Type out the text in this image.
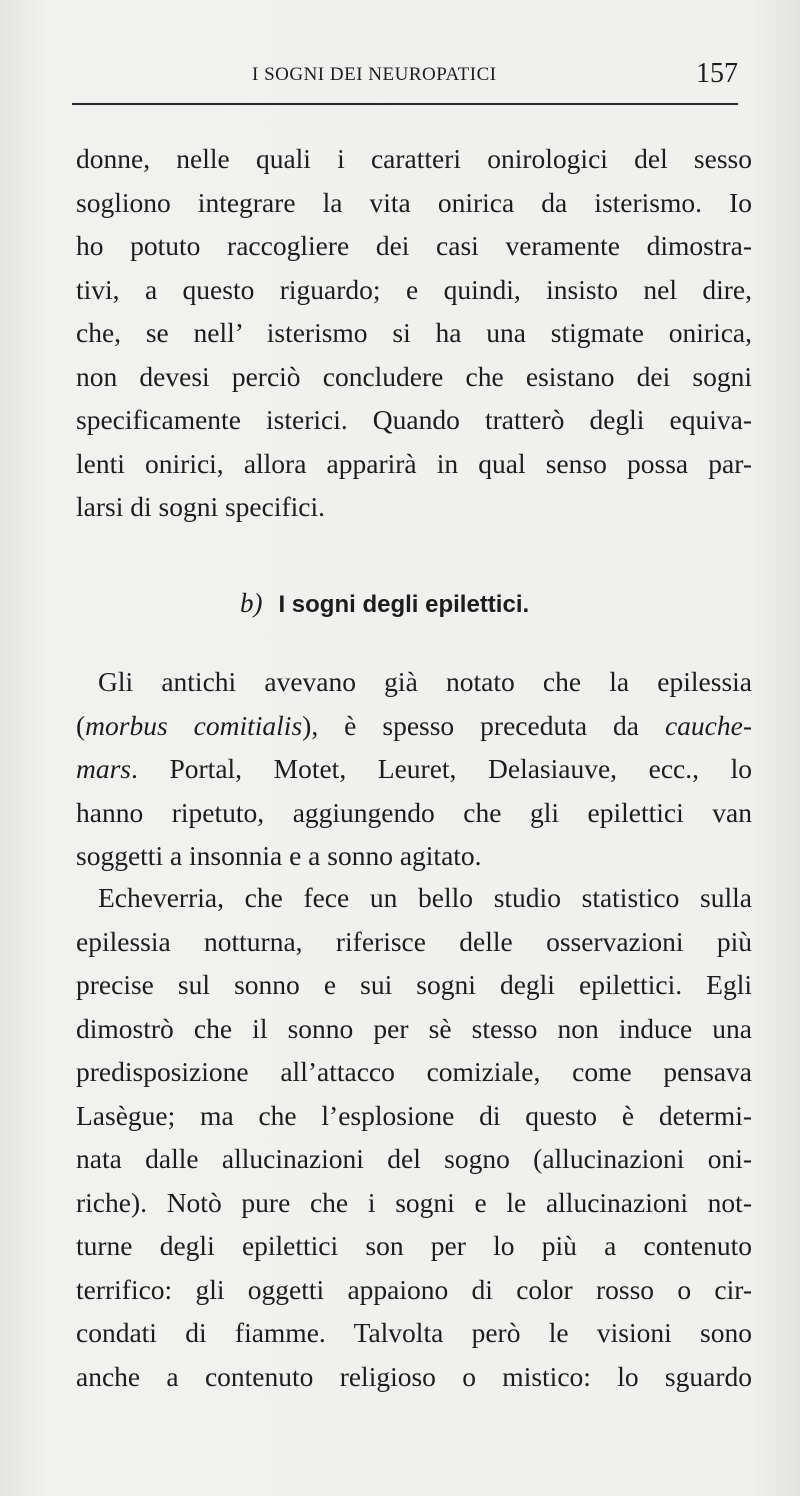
I SOGNI DEI NEUROPATICI	157
donne, nelle quali i caratteri onirologici del sesso
sogliono integrare la vita onirica da isterismo. Io
ho potuto raccogliere dei casi veramente dimostra-
tivi, a questo riguardo; e quindi, insisto nel dire,
che, se nell’ isterismo si ha una stigmate onirica,
non devesi perciò concludere che esistano dei sogni
specificamente isterici. Quando tratterò degli equiva-
lenti onirici, allora apparirà in qual senso possa par-
larsi di sogni specifici.
b) I sogni degli epilettici.
Gli antichi avevano già notato che la epilessia
(morbus comitialis), è spesso preceduta da cauche-
mars. Portal, Motet, Leuret, Delasiauve, ecc., lo
hanno ripetuto, aggiungendo che gli epilettici van
soggetti a insonnia e a sonno agitato.
Echeverria, che fece un bello studio statistico sulla
epilessia notturna, riferisce delle osservazioni più
precise sul sonno e sui sogni degli epilettici. Egli
dimostrò che il sonno per sè stesso non induce una
predisposizione all’attacco comiziale, come pensava
Lasègue; ma che l’esplosione di questo è determi-
nata dalle allucinazioni del sogno (allucinazioni oni-
riche). Notò pure che i sogni e le allucinazioni not-
turne degli epilettici son per lo più a contenuto
terrifico: gli oggetti appaiono di color rosso o cir-
condati di fiamme. Talvolta però le visioni sono
anche a contenuto religioso o mistico: lo sguardo
